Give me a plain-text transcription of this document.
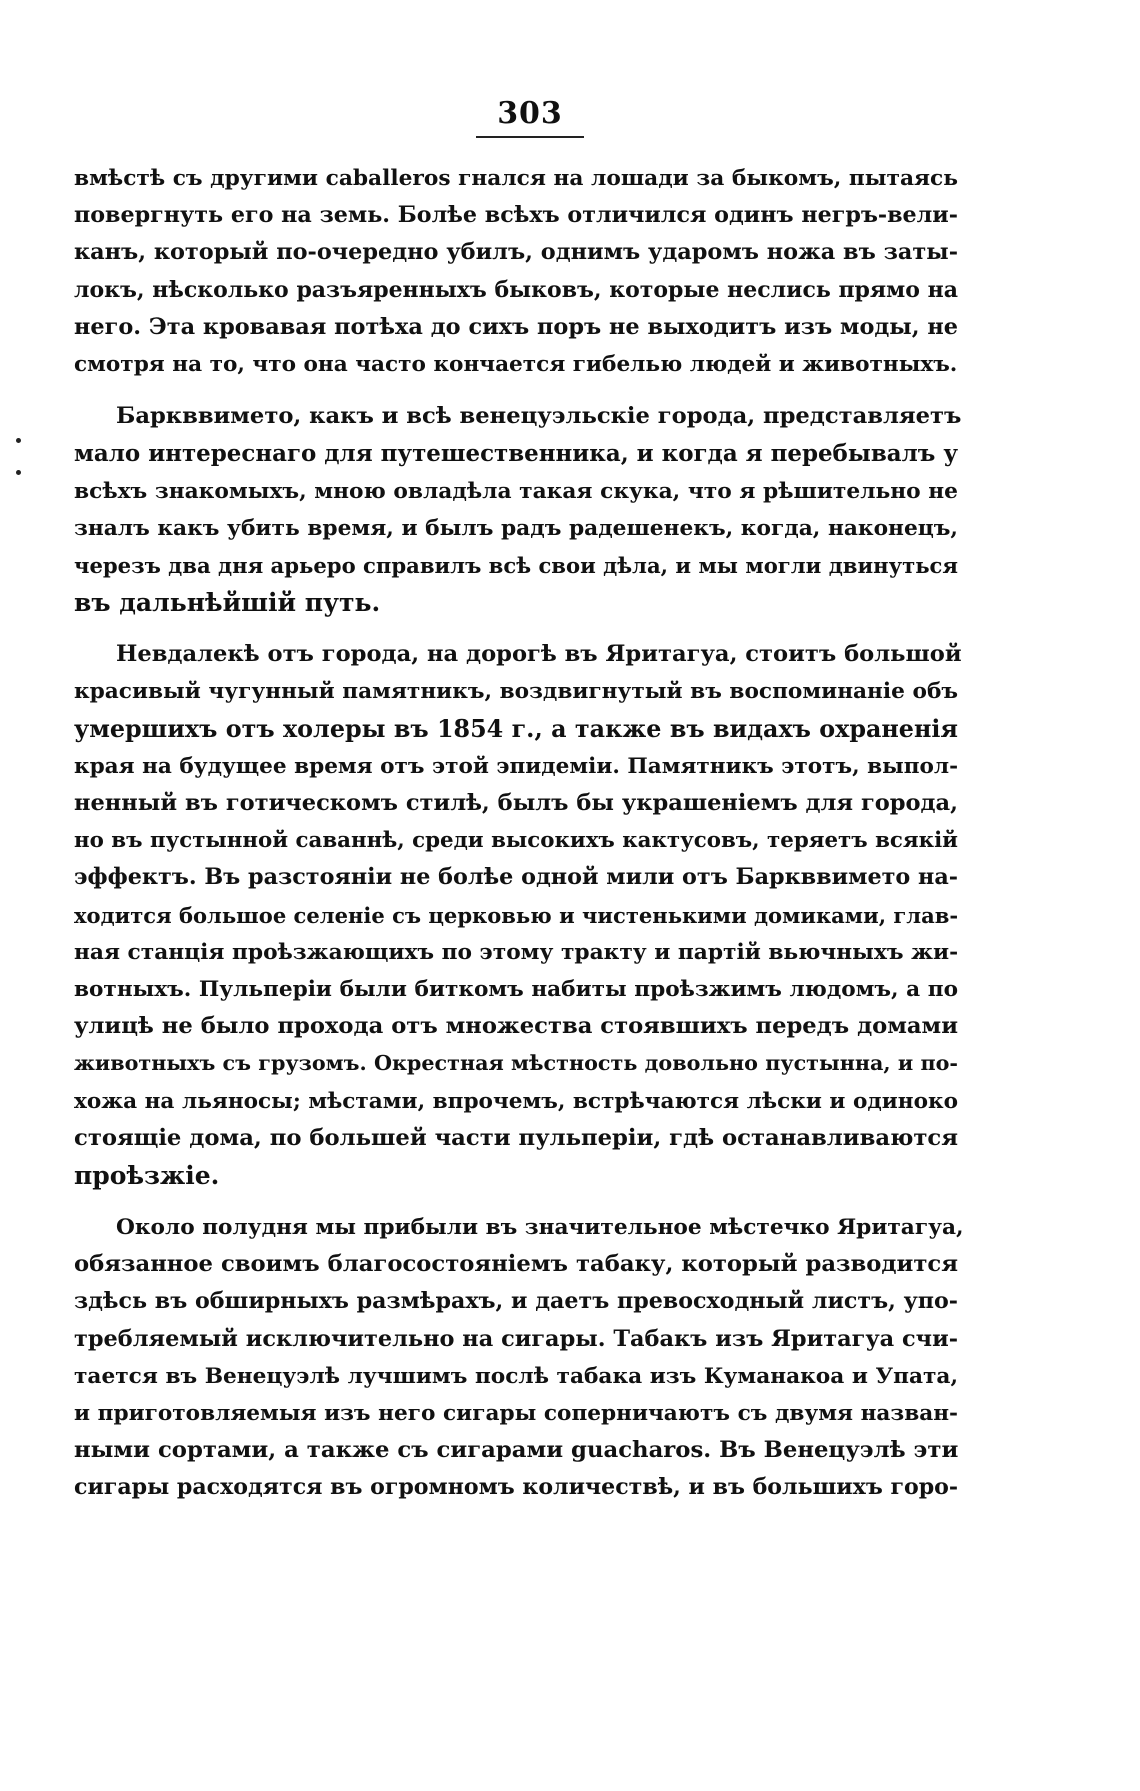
303
вмѣстѣ съ другими caballeros гнался на лошади за быкомъ, пытаясь
повергнуть его на земь. Болѣе всѣхъ отличился одинъ негръ-вели-
канъ, который по-очередно убилъ, однимъ ударомъ ножа въ заты-
локъ, нѣсколько разъяренныхъ быковъ, которые неслись прямо на
него. Эта кровавая потѣха до сихъ поръ не выходитъ изъ моды, не
смотря на то, что она часто кончается гибелью людей и животныхъ.
Баркввимето, какъ и всѣ венецуэльскіе города, представляетъ
мало интереснаго для путешественника, и когда я перебывалъ у
всѣхъ знакомыхъ, мною овладѣла такая скука, что я рѣшительно не
зналъ какъ убить время, и былъ радъ радешенекъ, когда, наконецъ,
черезъ два дня арьеро справилъ всѣ свои дѣла, и мы могли двинуться
въ дальнѣйшій путь.
Невдалекѣ отъ города, на дорогѣ въ Яритагуа, стоитъ большой
красивый чугунный памятникъ, воздвигнутый въ воспоминаніе объ
умершихъ отъ холеры въ 1854 г., а также въ видахъ охраненія
края на будущее время отъ этой эпидеміи. Памятникъ этотъ, выпол-
ненный въ готическомъ стилѣ, былъ бы украшеніемъ для города,
но въ пустынной саваннѣ, среди высокихъ кактусовъ, теряетъ всякій
эффектъ. Въ разстояніи не болѣе одной мили отъ Баркввимето на-
ходится большое селеніе съ церковью и чистенькими домиками, глав-
ная станція проѣзжающихъ по этому тракту и партій вьючныхъ жи-
вотныхъ. Пульперіи были биткомъ набиты проѣзжимъ людомъ, а по
улицѣ не было прохода отъ множества стоявшихъ передъ домами
животныхъ съ грузомъ. Окрестная мѣстность довольно пустынна, и по-
хожа на льяносы; мѣстами, впрочемъ, встрѣчаются лѣски и одиноко
стоящіе дома, по большей части пульперіи, гдѣ останавливаются
проѣзжіе.
Около полудня мы прибыли въ значительное мѣстечко Яритагуа,
обязанное своимъ благосостояніемъ табаку, который разводится
здѣсь въ обширныхъ размѣрахъ, и даетъ превосходный листъ, упо-
требляемый исключительно на сигары. Табакъ изъ Яритагуа счи-
тается въ Венецуэлѣ лучшимъ послѣ табака изъ Куманакоа и Упата,
и приготовляемыя изъ него сигары соперничаютъ съ двумя назван-
ными сортами, а также съ сигарами guacharos. Въ Венецуэлѣ эти
сигары расходятся въ огромномъ количествѣ, и въ большихъ горо-
